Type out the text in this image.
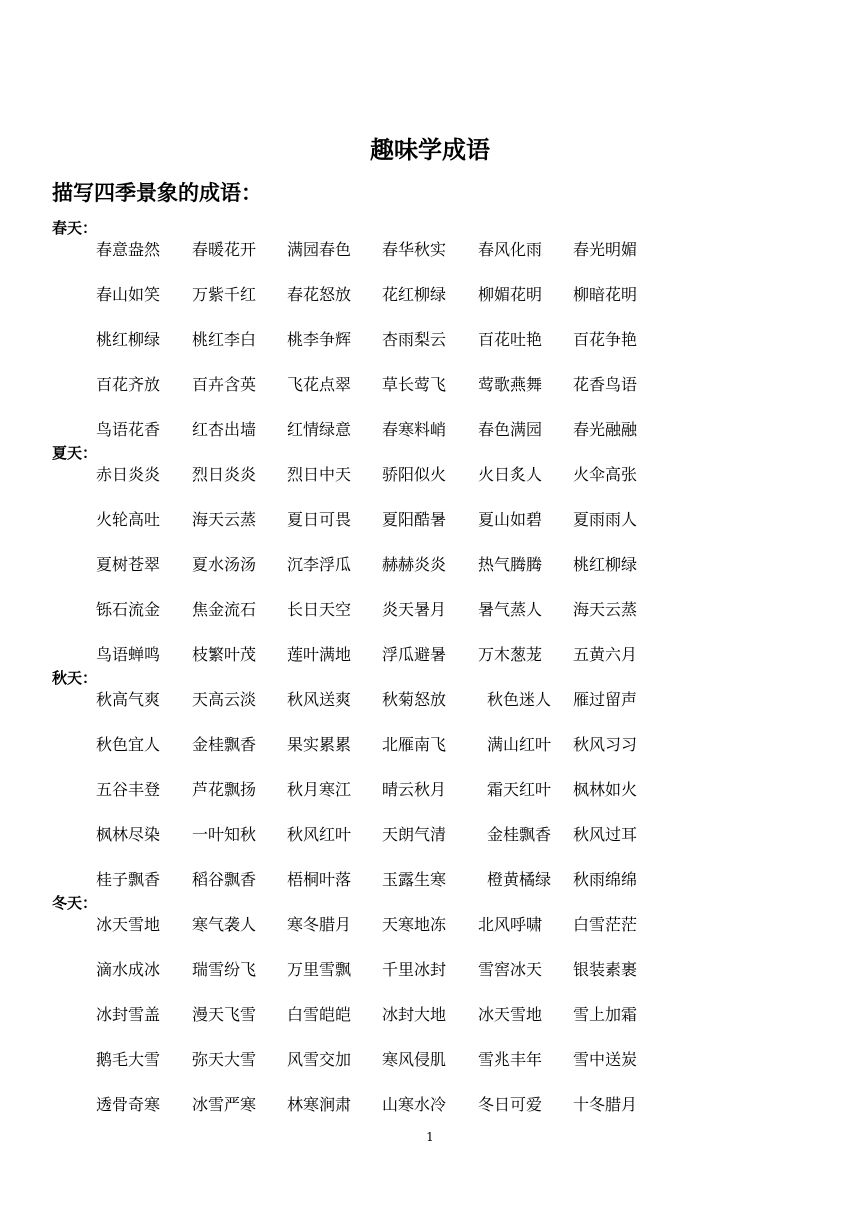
趣味学成语
描写四季景象的成语：
春天：
春意盎然 春暖花开 满园春色 春华秋实 春风化雨 春光明媚
春山如笑 万紫千红 春花怒放 花红柳绿 柳媚花明 柳暗花明
桃红柳绿 桃红李白 桃李争辉 杏雨梨云 百花吐艳 百花争艳
百花齐放 百卉含英 飞花点翠 草长莺飞 莺歌燕舞 花香鸟语
鸟语花香 红杏出墙 红情绿意 春寒料峭 春色满园 春光融融
夏天：
赤日炎炎 烈日炎炎 烈日中天 骄阳似火 火日炙人 火伞高张
火轮高吐 海天云蒸 夏日可畏 夏阳酷暑 夏山如碧 夏雨雨人
夏树苍翠 夏水汤汤 沉李浮瓜 赫赫炎炎 热气腾腾 桃红柳绿
铄石流金 焦金流石 长日天空 炎天暑月 暑气蒸人 海天云蒸
鸟语蝉鸣 枝繁叶茂 莲叶满地 浮瓜避暑 万木葱茏 五黄六月
秋天：
秋高气爽 天高云淡 秋风送爽 秋菊怒放	秋色迷人 雁过留声
秋色宜人 金桂飘香 果实累累 北雁南飞	满山红叶 秋风习习
五谷丰登 芦花飘扬 秋月寒江 晴云秋月	霜天红叶 枫林如火
枫林尽染 一叶知秋 秋风红叶 天朗气清	金桂飘香 秋风过耳
桂子飘香 稻谷飘香 梧桐叶落 玉露生寒	橙黄橘绿 秋雨绵绵
冬天：
冰天雪地 寒气袭人 寒冬腊月 天寒地冻 北风呼啸 白雪茫茫
滴水成冰 瑞雪纷飞 万里雪飘 千里冰封 雪窖冰天 银装素裹
冰封雪盖 漫天飞雪 白雪皑皑 冰封大地 冰天雪地 雪上加霜
鹅毛大雪 弥天大雪 风雪交加 寒风侵肌 雪兆丰年 雪中送炭
透骨奇寒 冰雪严寒 林寒涧肃 山寒水冷 冬日可爱 十冬腊月
1
